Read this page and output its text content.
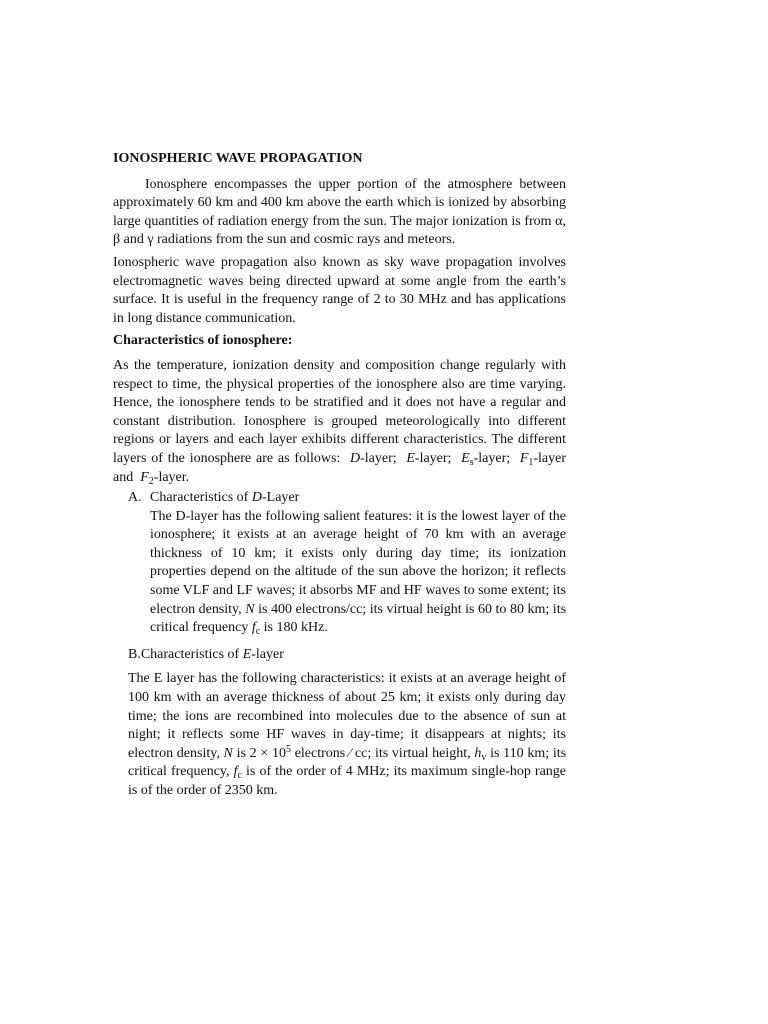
IONOSPHERIC WAVE PROPAGATION

Ionosphere encompasses the upper portion of the atmosphere between approximately 60 km and 400 km above the earth which is ionized by absorbing large quantities of radiation energy from the sun. The major ionization is from α, β and γ radiations from the sun and cosmic rays and meteors.

Ionospheric wave propagation also known as sky wave propagation involves electromagnetic waves being directed upward at some angle from the earth’s surface. It is useful in the frequency range of 2 to 30 MHz and has applications in long distance communication.

Characteristics of ionosphere:

As the temperature, ionization density and composition change regularly with respect to time, the physical properties of the ionosphere also are time varying. Hence, the ionosphere tends to be stratified and it does not have a regular and constant distribution. Ionosphere is grouped meteorologically into different regions or layers and each layer exhibits different characteristics. The different layers of the ionosphere are as follows: D-layer; E-layer; $E_s$-layer; $F_1$-layer and $F_2$-layer.

A. Characteristics of D-Layer

The D-layer has the following salient features: it is the lowest layer of the ionosphere; it exists at an average height of 70 km with an average thickness of 10 km; it exists only during day time; its ionization properties depend on the altitude of the sun above the horizon; it reflects some VLF and LF waves; it absorbs MF and HF waves to some extent; its electron density, N is 400 electrons/cc; its virtual height is 60 to 80 km; its critical frequency $f_c$ is 180 kHz.

B.Characteristics of E-layer

The E layer has the following characteristics: it exists at an average height of 100 km with an average thickness of about 25 km; it exists only during day time; the ions are recombined into molecules due to the absence of sun at night; it reflects some HF waves in day-time; it disappears at nights; its electron density, N is $2 \times 10^5$ electrons ⁄ cc; its virtual height, $h_v$ is 110 km; its critical frequency, $f_c$ is of the order of 4 MHz; its maximum single-hop range is of the order of 2350 km.
